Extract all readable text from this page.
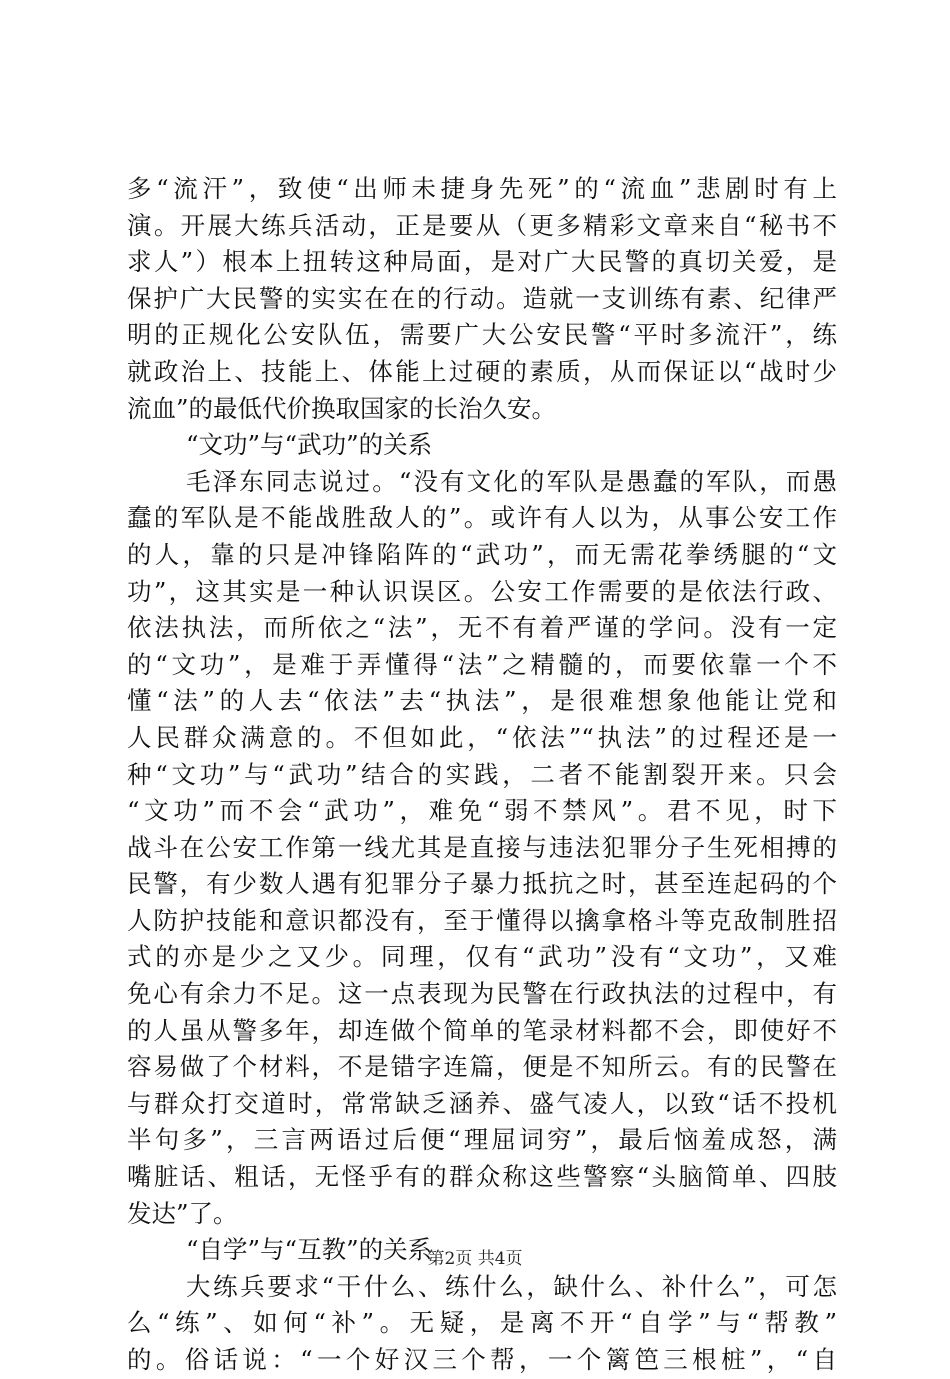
多“流汗”，致使“出师未捷身先死”的“流血”悲剧时有上
演。开展大练兵活动，正是要从（更多精彩文章来自“秘书不
求人”）根本上扭转这种局面，是对广大民警的真切关爱，是
保护广大民警的实实在在的行动。造就一支训练有素、纪律严
明的正规化公安队伍，需要广大公安民警“平时多流汗”，练
就政治上、技能上、体能上过硬的素质，从而保证以“战时少
流血”的最低代价换取国家的长治久安。
“文功”与“武功”的关系
毛泽东同志说过。“没有文化的军队是愚蠢的军队，而愚
蠢的军队是不能战胜敌人的”。或许有人以为，从事公安工作
的人，靠的只是冲锋陷阵的“武功”，而无需花拳绣腿的“文
功”，这其实是一种认识误区。公安工作需要的是依法行政、
依法执法，而所依之“法”，无不有着严谨的学问。没有一定
的“文功”，是难于弄懂得“法”之精髓的，而要依靠一个不
懂“法”的人去“依法”去“执法”，是很难想象他能让党和
人民群众满意的。不但如此，“依法”“执法”的过程还是一
种“文功”与“武功”结合的实践，二者不能割裂开来。只会
“文功”而不会“武功”，难免“弱不禁风”。君不见，时下
战斗在公安工作第一线尤其是直接与违法犯罪分子生死相搏的
民警，有少数人遇有犯罪分子暴力抵抗之时，甚至连起码的个
人防护技能和意识都没有，至于懂得以擒拿格斗等克敌制胜招
式的亦是少之又少。同理，仅有“武功”没有“文功”，又难
免心有余力不足。这一点表现为民警在行政执法的过程中，有
的人虽从警多年，却连做个简单的笔录材料都不会，即使好不
容易做了个材料，不是错字连篇，便是不知所云。有的民警在
与群众打交道时，常常缺乏涵养、盛气凌人，以致“话不投机
半句多”，三言两语过后便“理屈词穷”，最后恼羞成怒，满
嘴脏话、粗话，无怪乎有的群众称这些警察“头脑简单、四肢
发达”了。
“自学”与“互教”的关系
大练兵要求“干什么、练什么，缺什么、补什么”，可怎
么“练”、如何“补”。无疑，是离不开“自学”与“帮教”
的。俗话说：“一个好汉三个帮，一个篱笆三根桩”，“自
第2页 共4页
